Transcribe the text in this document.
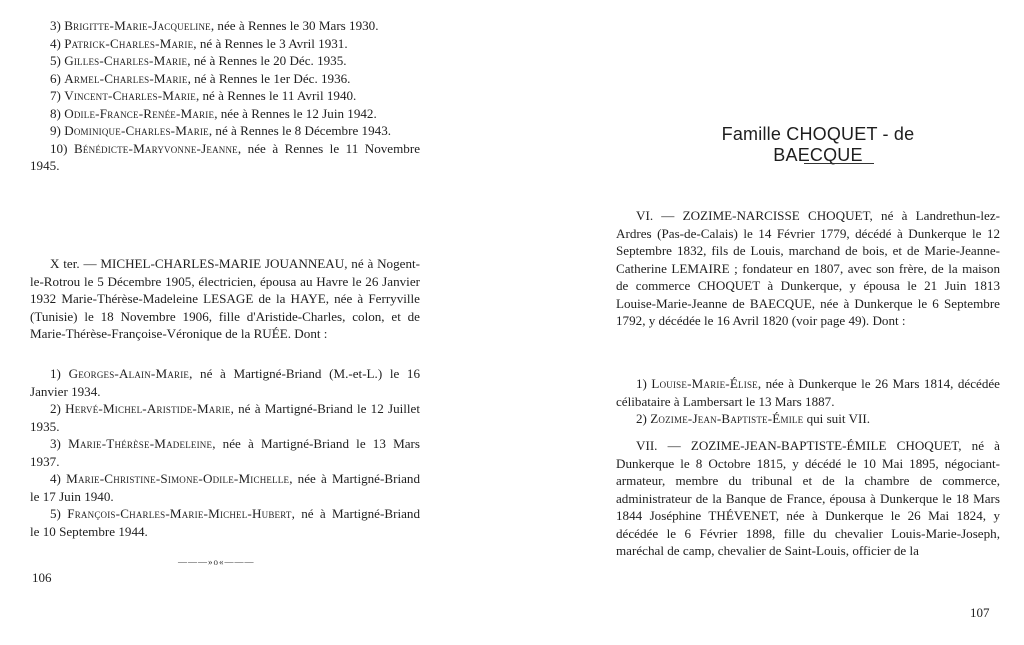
3) Brigitte-Marie-Jacqueline, née à Rennes le 30 Mars 1930.

4) Patrick-Charles-Marie, né à Rennes le 3 Avril 1931.

5) Gilles-Charles-Marie, né à Rennes le 20 Déc. 1935.

6) Armel-Charles-Marie, né à Rennes le 1er Déc. 1936.

7) Vincent-Charles-Marie, né à Rennes le 11 Avril 1940.

8) Odile-France-Renée-Marie, née à Rennes le 12 Juin 1942.

9) Dominique-Charles-Marie, né à Rennes le 8 Décembre 1943.

10) Bénédicte-Maryvonne-Jeanne, née à Rennes le 11 Novembre 1945.

X ter. — MICHEL-CHARLES-MARIE JOUANNEAU, né à Nogent-le-Rotrou le 5 Décembre 1905, électricien, épousa au Havre le 26 Janvier 1932 Marie-Thérèse-Madeleine LESAGE de la HAYE, née à Ferryville (Tunisie) le 18 Novembre 1906, fille d'Aristide-Charles, colon, et de Marie-Thérèse-Françoise-Véronique de la RUÉE. Dont :

1) Georges-Alain-Marie, né à Martigné-Briand (M.-et-L.) le 16 Janvier 1934.

2) Hervé-Michel-Aristide-Marie, né à Martigné-Briand le 12 Juillet 1935.

3) Marie-Thérèse-Madeleine, née à Martigné-Briand le 13 Mars 1937.

4) Marie-Christine-Simone-Odile-Michelle, née à Martigné-Briand le 17 Juin 1940.

5) François-Charles-Marie-Michel-Hubert, né à Martigné-Briand le 10 Septembre 1944.

———»o«———
106
Famille CHOQUET - de BAECQUE

VI. — ZOZIME-NARCISSE CHOQUET, né à Landrethun-lez-Ardres (Pas-de-Calais) le 14 Février 1779, décédé à Dunkerque le 12 Septembre 1832, fils de Louis, marchand de bois, et de Marie-Jeanne-Catherine LEMAIRE ; fondateur en 1807, avec son frère, de la maison de commerce CHOQUET à Dunkerque, y épousa le 21 Juin 1813 Louise-Marie-Jeanne de BAECQUE, née à Dunkerque le 6 Septembre 1792, y décédée le 16 Avril 1820 (voir page 49). Dont :

1) Louise-Marie-Élise, née à Dunkerque le 26 Mars 1814, décédée célibataire à Lambersart le 13 Mars 1887.

2) Zozime-Jean-Baptiste-Émile qui suit VII.

VII. — ZOZIME-JEAN-BAPTISTE-ÉMILE CHOQUET, né à Dunkerque le 8 Octobre 1815, y décédé le 10 Mai 1895, négociant-armateur, membre du tribunal et de la chambre de commerce, administrateur de la Banque de France, épousa à Dunkerque le 18 Mars 1844 Joséphine THÉVENET, née à Dunkerque le 26 Mai 1824, y décédée le 6 Février 1898, fille du chevalier Louis-Marie-Joseph, maréchal de camp, chevalier de Saint-Louis, officier de la

107
